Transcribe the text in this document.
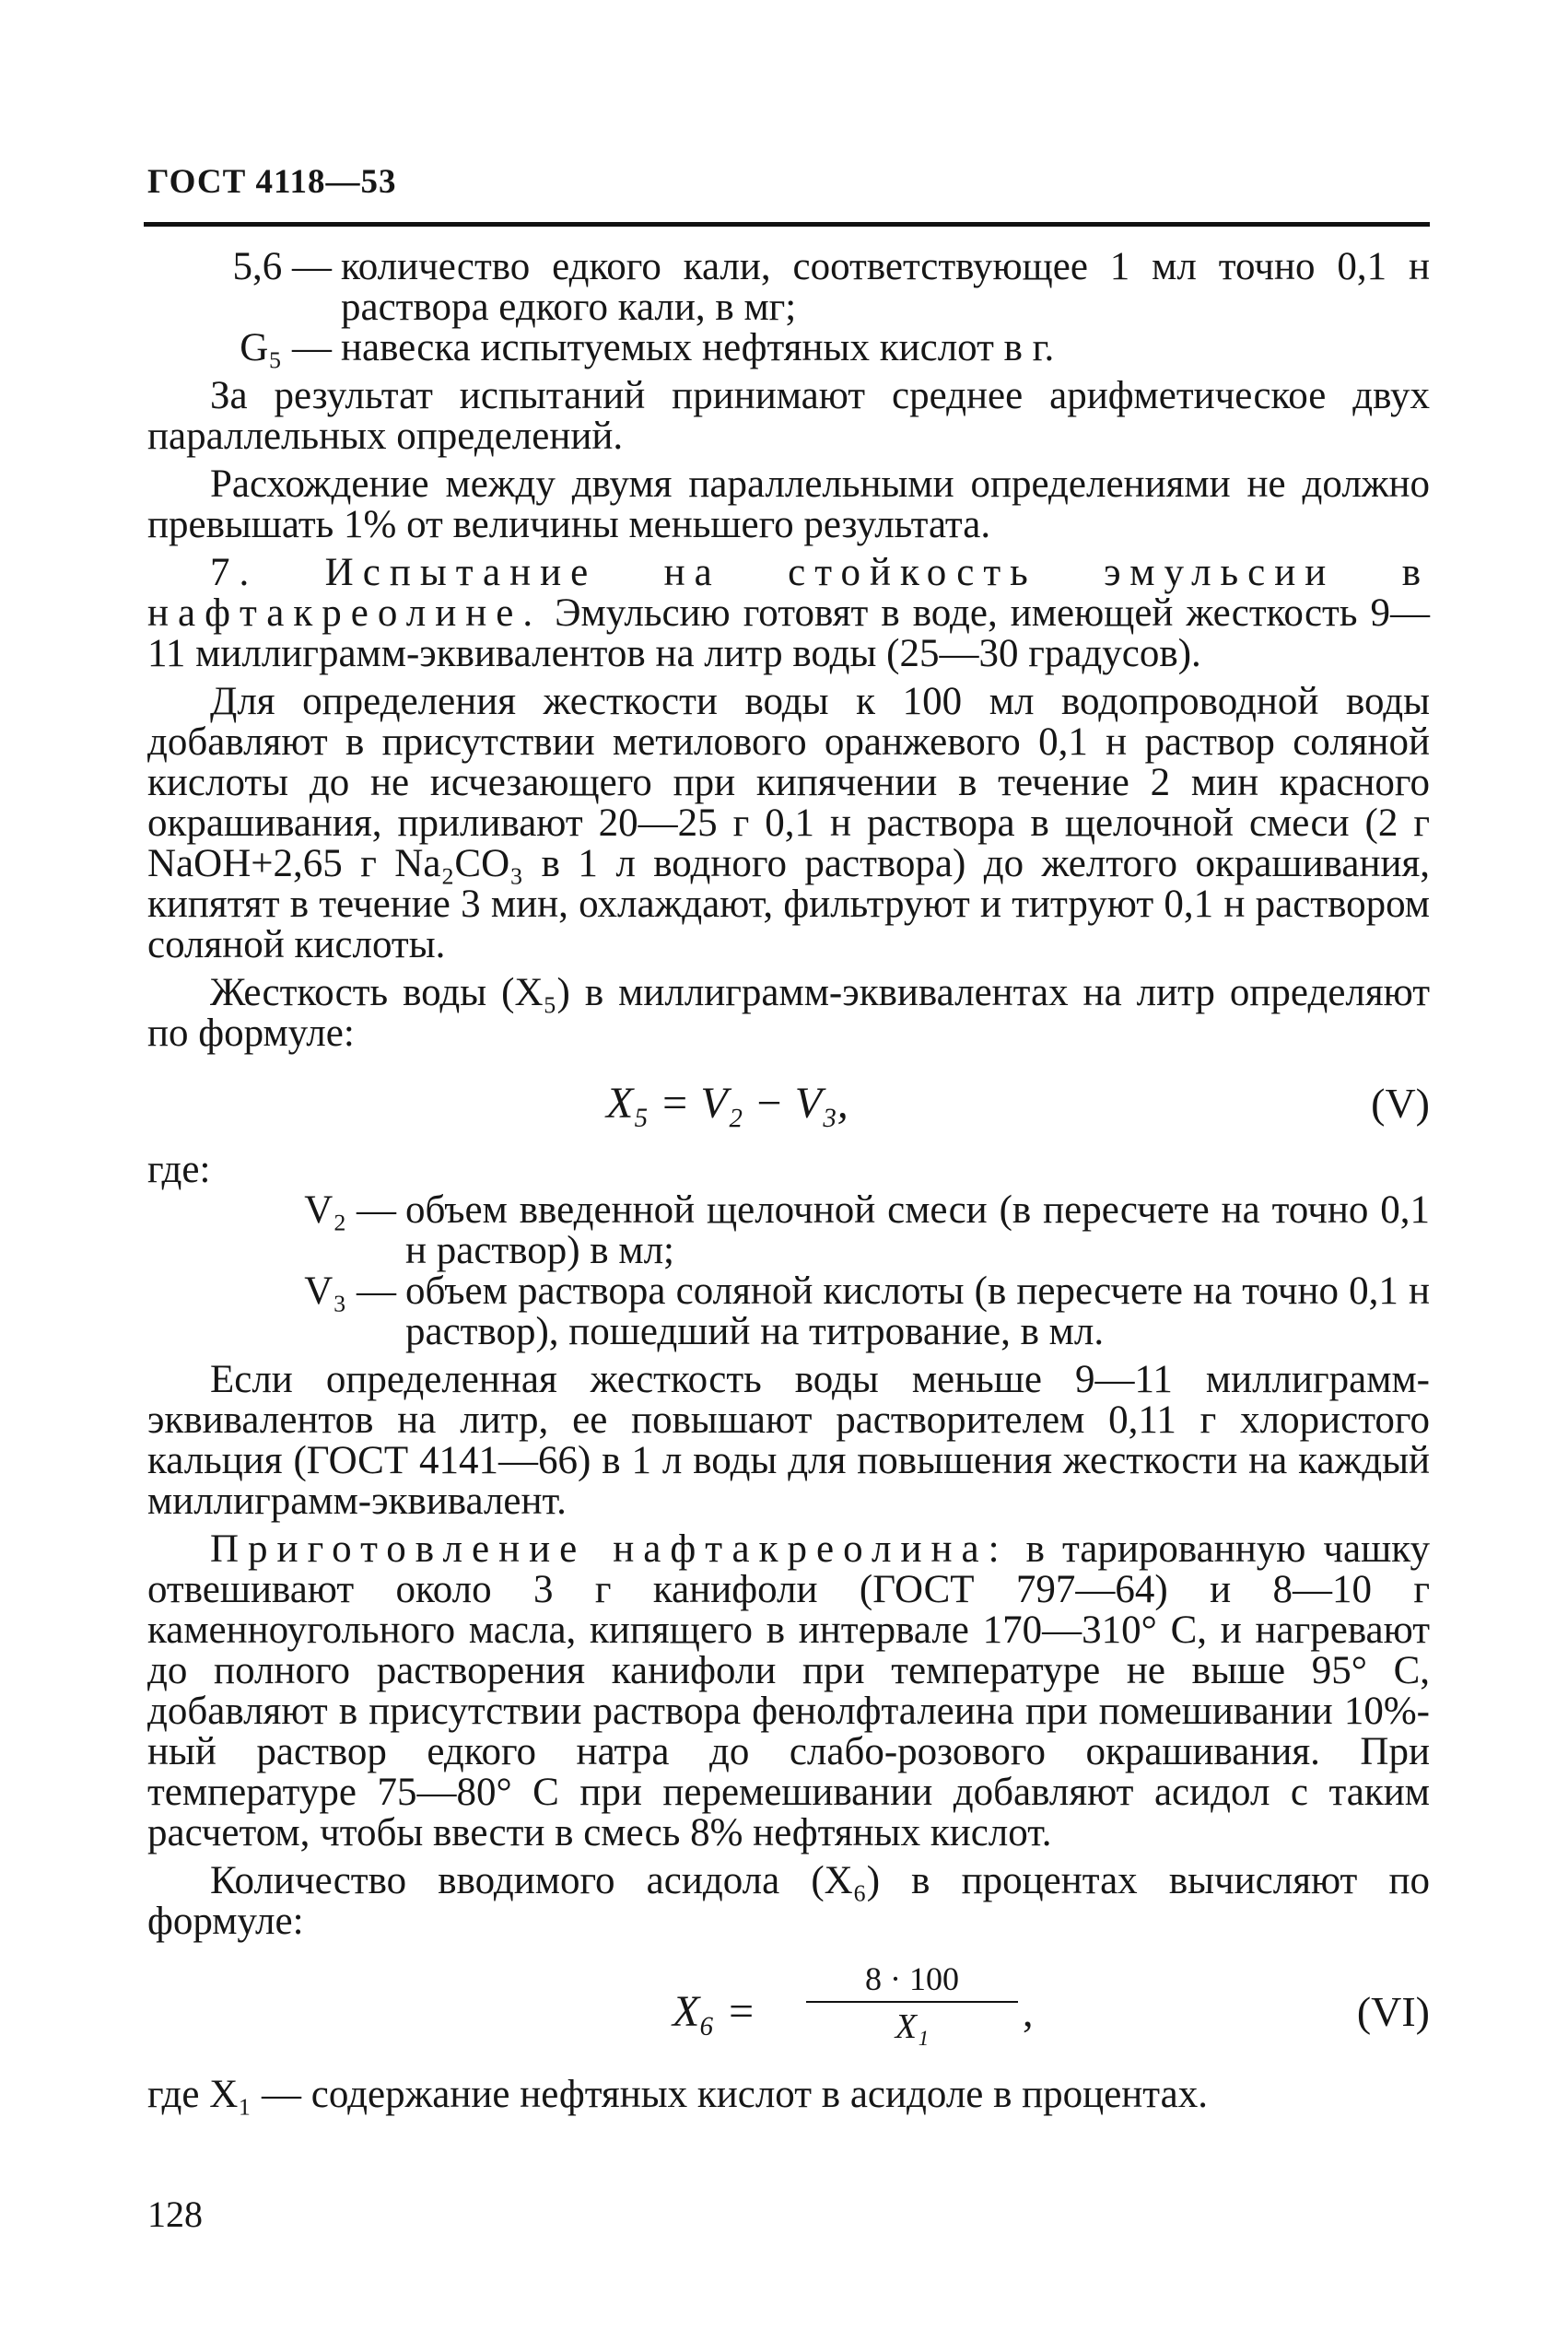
ГОСТ 4118—53
5,6 — количество едкого кали, соответствующее 1 мл точно 0,1 н раствора едкого кали, в мг;
G₅ — навеска испытуемых нефтяных кислот в г.

За результат испытаний принимают среднее арифметическое двух параллельных определений.

Расхождение между двумя параллельными определениями не должно превышать 1% от величины меньшего результата.

7. Испытание на стойкость эмульсии в нафтакреолине. Эмульсию готовят в воде, имеющей жесткость 9—11 миллиграмм-эквивалентов на литр воды (25—30 градусов).

Для определения жесткости воды к 100 мл водопроводной воды добавляют в присутствии метилового оранжевого 0,1 н раствор соляной кислоты до не исчезающего при кипячении в течение 2 мин красного окрашивания, приливают 20—25 г 0,1 н раствора в щелочной смеси (2 г NaOH+2,65 г Na₂CO₃ в 1 л водного раствора) до желтого окрашивания, кипятят в течение 3 мин, охлаждают, фильтруют и титруют 0,1 н раствором соляной кислоты.

Жесткость воды (X₅) в миллиграмм-эквивалентах на литр определяют по формуле:

X₅ = V₂ − V₃,	(V)

где:

V₂ — объем введенной щелочной смеси (в пересчете на точно 0,1 н раствор) в мл;
V₃ — объем раствора соляной кислоты (в пересчете на точно 0,1 н раствор), пошедший на титрование, в мл.

Если определенная жесткость воды меньше 9—11 миллиграмм-эквивалентов на литр, ее повышают растворителем 0,11 г хлористого кальция (ГОСТ 4141—66) в 1 л воды для повышения жесткости на каждый миллиграмм-эквивалент.

Приготовление нафтакреолина: в тарированную чашку отвешивают около 3 г канифоли (ГОСТ 797—64) и 8—10 г каменноугольного масла, кипящего в интервале 170—310° С, и нагревают до полного растворения канифоли при температуре не выше 95° С, добавляют в присутствии раствора фенолфталеина при помешивании 10%-ный раствор едкого натра до слабо-розового окрашивания. При температуре 75—80° С при перемешивании добавляют асидол с таким расчетом, чтобы ввести в смесь 8% нефтяных кислот.

Количество вводимого асидола (X₆) в процентах вычисляют по формуле:

X₆ =
8 · 100
X₁	,	(VI)

где X₁ — содержание нефтяных кислот в асидоле в процентах.

128
